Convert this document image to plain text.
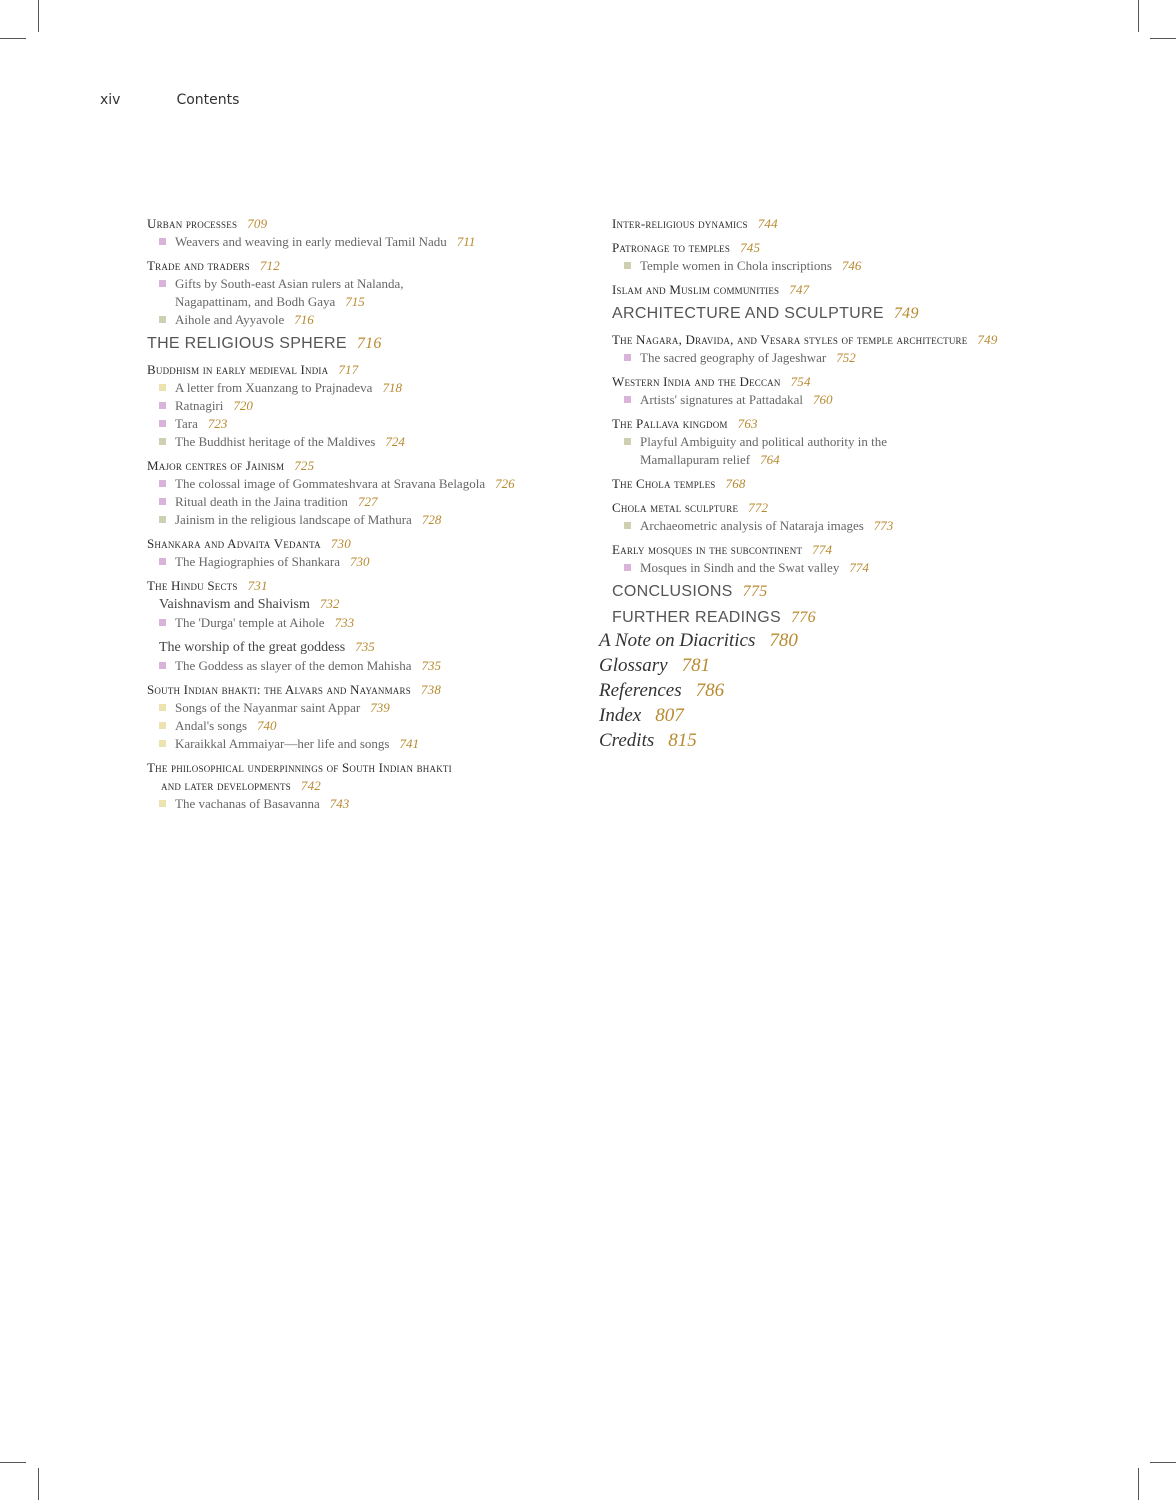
xiv	Contents
Urban processes 709
Weavers and weaving in early medieval Tamil Nadu 711
Trade and traders 712
Gifts by South-east Asian rulers at Nalanda,
Nagapattinam, and Bodh Gaya 715
Aihole and Ayyavole 716
THE RELIGIOUS SPHERE 716
Buddhism in early medieval India 717
A letter from Xuanzang to Prajnadeva 718
Ratnagiri 720
Tara 723
The Buddhist heritage of the Maldives 724
Major centres of Jainism 725
The colossal image of Gommateshvara at Sravana Belagola 726
Ritual death in the Jaina tradition 727
Jainism in the religious landscape of Mathura 728
Shankara and Advaita Vedanta 730
The Hagiographies of Shankara 730
The Hindu Sects 731
Vaishnavism and Shaivism 732
The 'Durga' temple at Aihole 733
The worship of the great goddess 735
The Goddess as slayer of the demon Mahisha 735
South Indian bhakti: the Alvars and Nayanmars 738
Songs of the Nayanmar saint Appar 739
Andal's songs 740
Karaikkal Ammaiyar—her life and songs 741
The philosophical underpinnings of South Indian bhakti
and later developments 742
The vachanas of Basavanna 743
Inter-religious dynamics 744
Patronage to temples 745
Temple women in Chola inscriptions 746
Islam and Muslim communities 747
ARCHITECTURE AND SCULPTURE 749
The Nagara, Dravida, and Vesara styles of temple architecture 749
The sacred geography of Jageshwar 752
Western India and the Deccan 754
Artists' signatures at Pattadakal 760
The Pallava kingdom 763
Playful Ambiguity and political authority in the
Mamallapuram relief 764
The Chola temples 768
Chola metal sculpture 772
Archaeometric analysis of Nataraja images 773
Early mosques in the subcontinent 774
Mosques in Sindh and the Swat valley 774
CONCLUSIONS 775
FURTHER READINGS 776
A Note on Diacritics 780
Glossary 781
References 786
Index 807
Credits 815
